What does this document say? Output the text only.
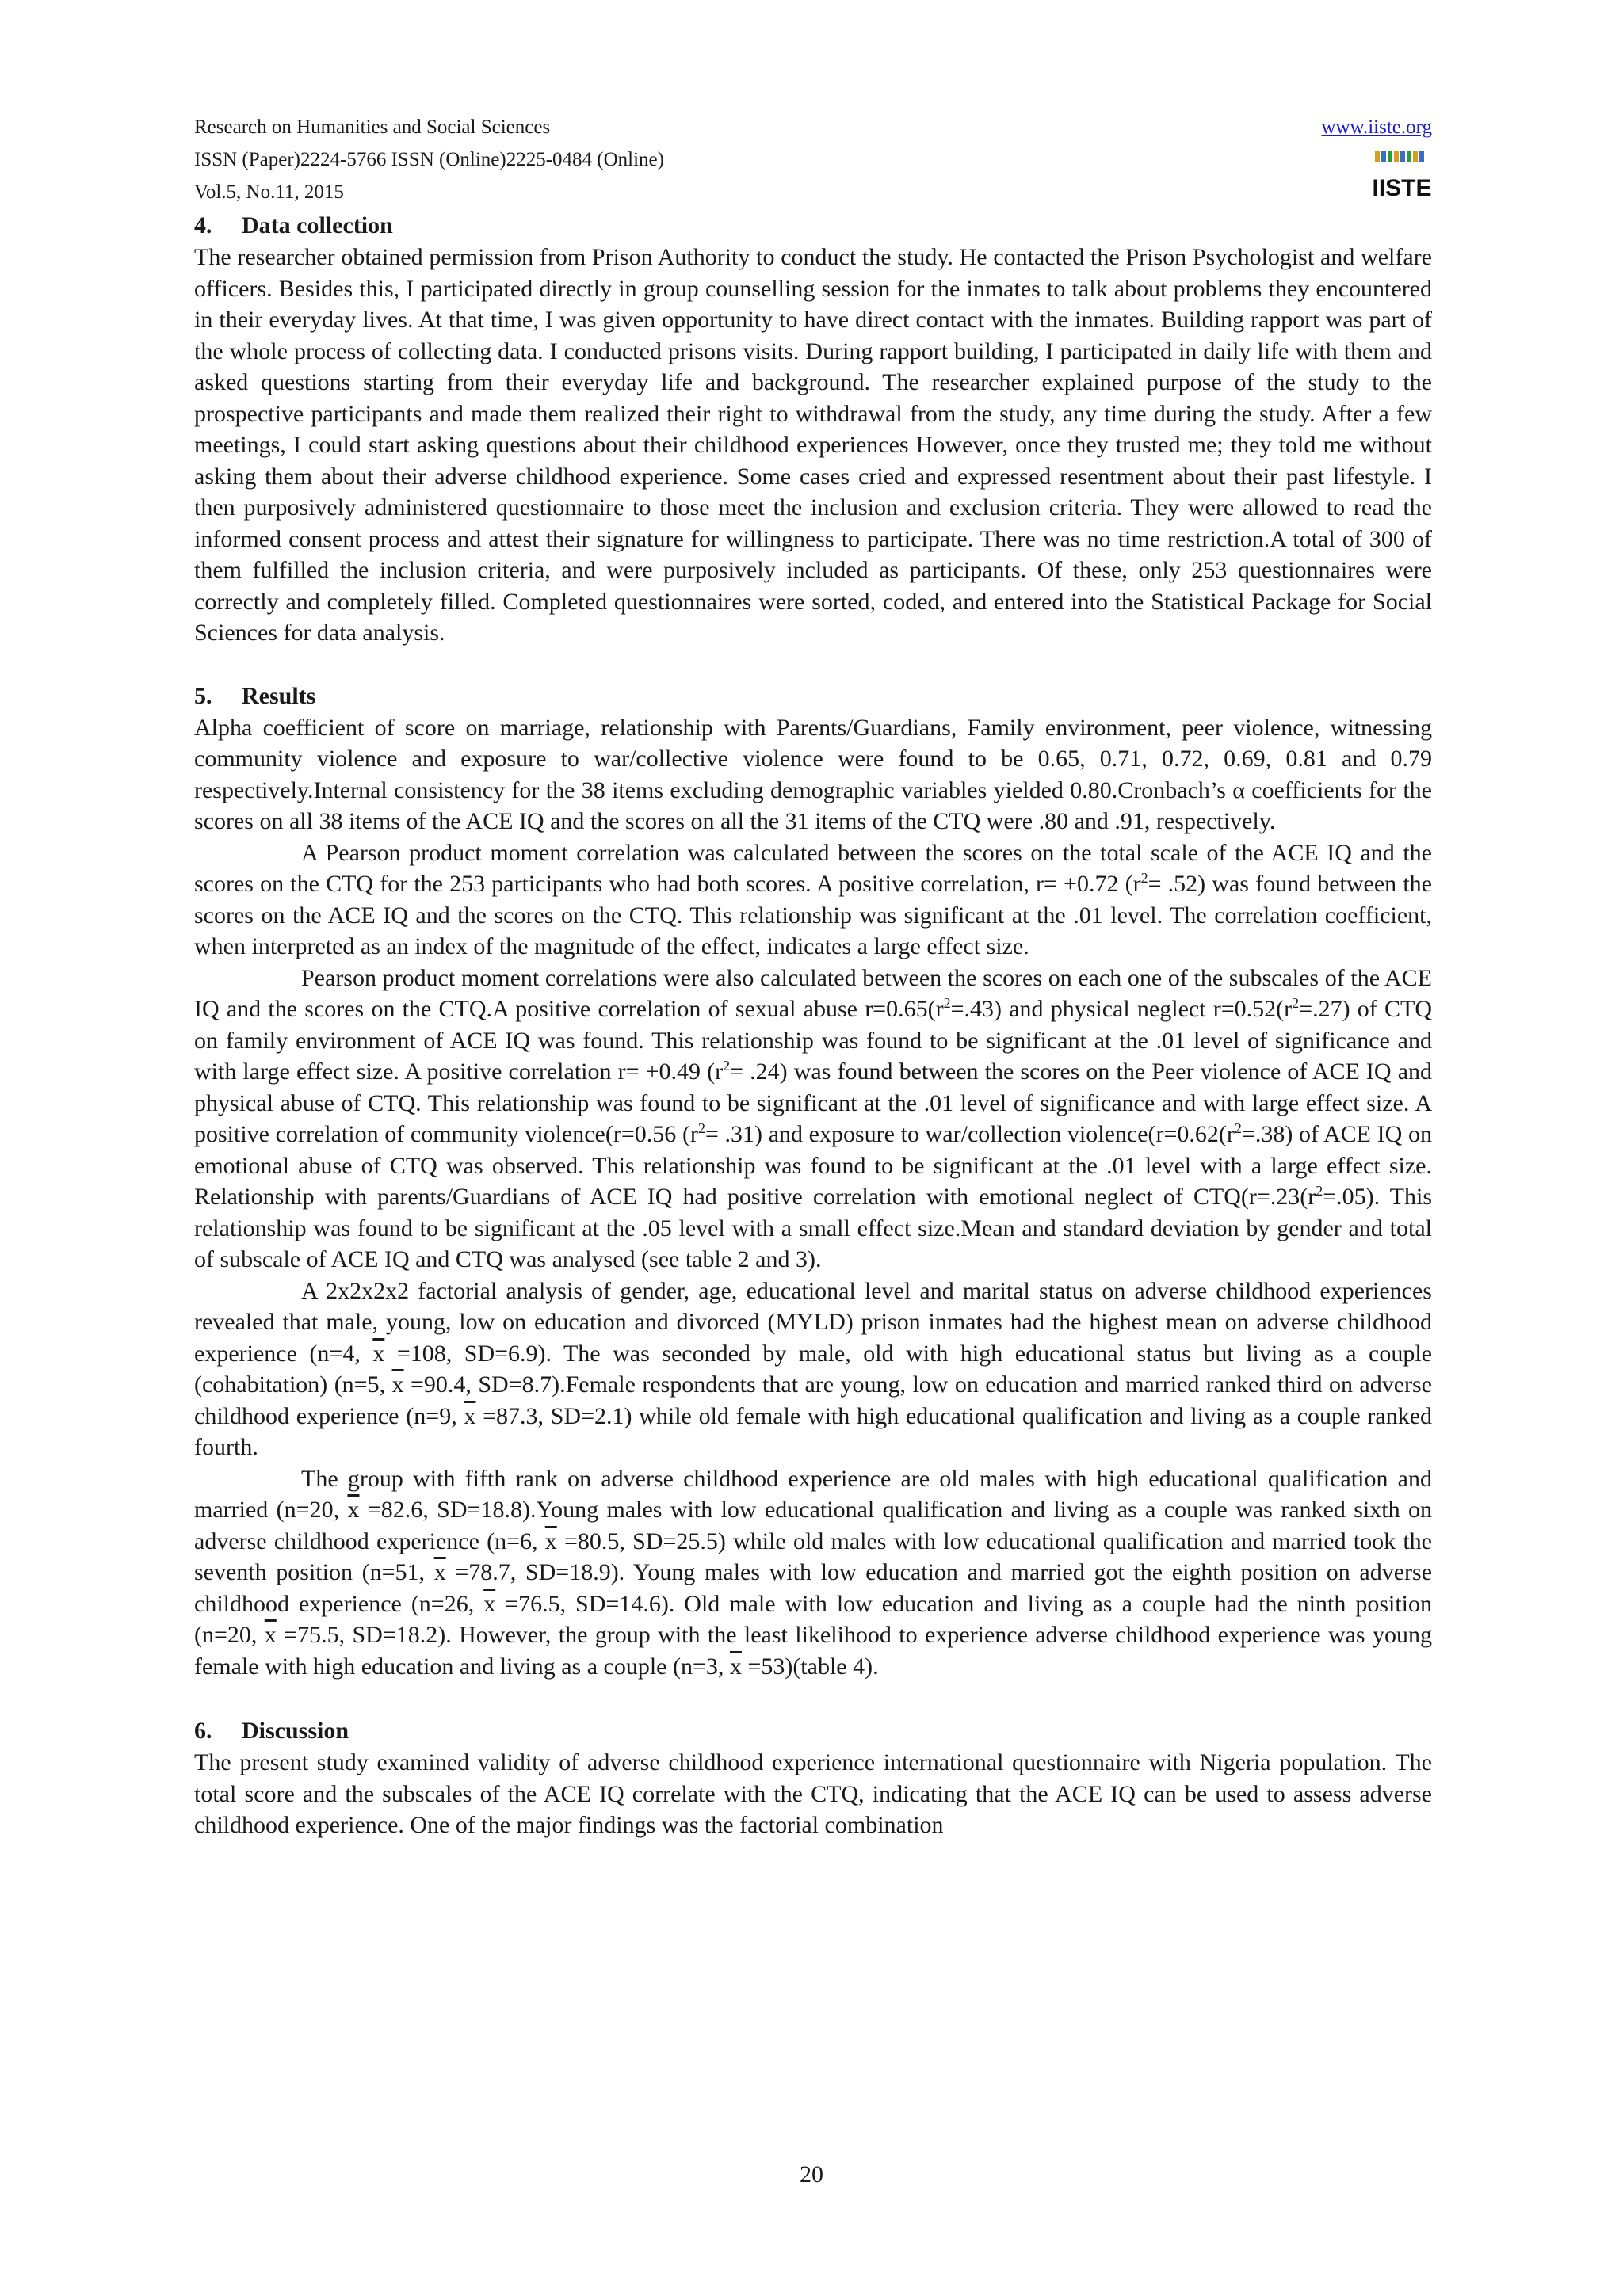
Research on Humanities and Social Sciences
ISSN (Paper)2224-5766 ISSN (Online)2225-0484 (Online)
Vol.5, No.11, 2015
www.iiste.org

IISTE
4. Data collection

The researcher obtained permission from Prison Authority to conduct the study. He contacted the Prison Psychologist and welfare officers. Besides this, I participated directly in group counselling session for the inmates to talk about problems they encountered in their everyday lives. At that time, I was given opportunity to have direct contact with the inmates. Building rapport was part of the whole process of collecting data. I conducted prisons visits. During rapport building, I participated in daily life with them and asked questions starting from their everyday life and background. The researcher explained purpose of the study to the prospective participants and made them realized their right to withdrawal from the study, any time during the study. After a few meetings, I could start asking questions about their childhood experiences However, once they trusted me; they told me without asking them about their adverse childhood experience. Some cases cried and expressed resentment about their past lifestyle. I then purposively administered questionnaire to those meet the inclusion and exclusion criteria. They were allowed to read the informed consent process and attest their signature for willingness to participate. There was no time restriction.A total of 300 of them fulfilled the inclusion criteria, and were purposively included as participants. Of these, only 253 questionnaires were correctly and completely filled. Completed questionnaires were sorted, coded, and entered into the Statistical Package for Social Sciences for data analysis.

5. Results

Alpha coefficient of score on marriage, relationship with Parents/Guardians, Family environment, peer violence, witnessing community violence and exposure to war/collective violence were found to be 0.65, 0.71, 0.72, 0.69, 0.81 and 0.79 respectively.Internal consistency for the 38 items excluding demographic variables yielded 0.80.Cronbach’s α coefficients for the scores on all 38 items of the ACE IQ and the scores on all the 31 items of the CTQ were .80 and .91, respectively.

A Pearson product moment correlation was calculated between the scores on the total scale of the ACE IQ and the scores on the CTQ for the 253 participants who had both scores. A positive correlation, r= +0.72 $(r^2= .52)$ was found between the scores on the ACE IQ and the scores on the CTQ. This relationship was significant at the .01 level. The correlation coefficient, when interpreted as an index of the magnitude of the effect, indicates a large effect size.

Pearson product moment correlations were also calculated between the scores on each one of the subscales of the ACE IQ and the scores on the CTQ.A positive correlation of sexual abuse $r=0.65(r^2=.43)$ and physical neglect $r=0.52(r^2=.27)$ of CTQ on family environment of ACE IQ was found. This relationship was found to be significant at the .01 level of significance and with large effect size. A positive correlation r= +0.49 $(r^2= .24)$ was found between the scores on the Peer violence of ACE IQ and physical abuse of CTQ. This relationship was found to be significant at the .01 level of significance and with large effect size. A positive correlation of community violence(r=0.56 $(r^2= .31)$ and exposure to war/collection $violence(r=0.62(r^2=.38)$ of ACE IQ on emotional abuse of CTQ was observed. This relationship was found to be significant at the .01 level with a large effect size. Relationship with parents/Guardians of ACE IQ had positive correlation with emotional neglect of $CTQ(r=.23(r^2=.05)$. This relationship was found to be significant at the .05 level with a small effect size.Mean and standard deviation by gender and total of subscale of ACE IQ and CTQ was analysed (see table 2 and 3).

A 2x2x2x2 factorial analysis of gender, age, educational level and marital status on adverse childhood experiences revealed that male, young, low on education and divorced (MYLD) prison inmates had the highest mean on adverse childhood experience (n=4, $\overline{x} =108$, SD=6.9). The was seconded by male, old with high educational status but living as a couple (cohabitation) (n=5, $\overline{x} =90.4$, SD=8.7).Female respondents that are young, low on education and married ranked third on adverse childhood experience (n=9, $\overline{x} =87.3$, SD=2.1) while old female with high educational qualification and living as a couple ranked fourth.

The group with fifth rank on adverse childhood experience are old males with high educational qualification and married (n=20, $\overline{x} =82.6$, SD=18.8).Young males with low educational qualification and living as a couple was ranked sixth on adverse childhood experience (n=6, $\overline{x} =80.5$, SD=25.5) while old males with low educational qualification and married took the seventh position (n=51, $\overline{x} =78.7$, SD=18.9). Young males with low education and married got the eighth position on adverse childhood experience (n=26, $\overline{x} =76.5$, SD=14.6). Old male with low education and living as a couple had the ninth position (n=20, $\overline{x} =75.5$, SD=18.2). However, the group with the least likelihood to experience adverse childhood experience was young female with high education and living as a couple (n=3, $\overline{x}$ =53)(table 4).

6. Discussion

The present study examined validity of adverse childhood experience international questionnaire with Nigeria population. The total score and the subscales of the ACE IQ correlate with the CTQ, indicating that the ACE IQ can be used to assess adverse childhood experience. One of the major findings was the factorial combination

20
